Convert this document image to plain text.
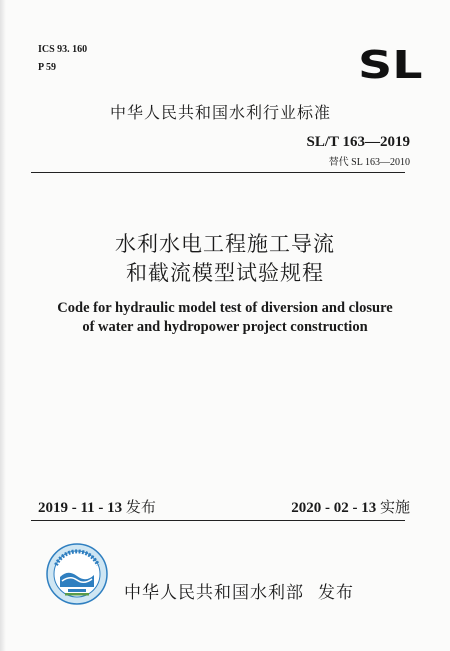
ICS 93. 160
P 59	SL
中华人民共和国水利行业标准
SL/T 163—2019
替代 SL 163—2010
水利水电工程施工导流
和截流模型试验规程
Code for hydraulic model test of diversion and closure
of water and hydropower project construction
2019 - 11 - 13 发布	2020 - 02 - 13 实施
中华人民共和国水利部 发布
